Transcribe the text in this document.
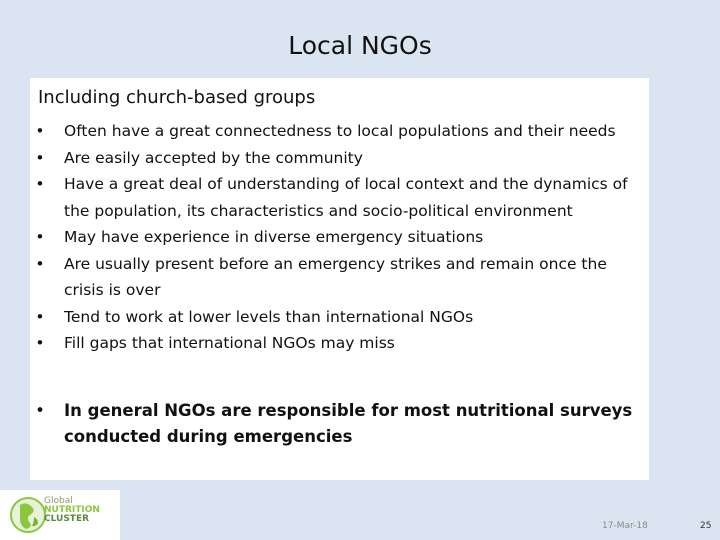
Local NGOs
Including church-based groups
•
Often have a great connectedness to local populations and their needs
•
Are easily accepted by the community
•
Have a great deal of understanding of local context and the dynamics of the population, its characteristics and socio-political environment
•
May have experience in diverse emergency situations
•
Are usually present before an emergency strikes and remain once the crisis is over
•
Tend to work at lower levels than international NGOs
•
Fill gaps that international NGOs may miss
•
In general NGOs are responsible for most nutritional surveys conducted during emergencies
Global
NUTRITION
CLUSTER
17-Mar-18	25
